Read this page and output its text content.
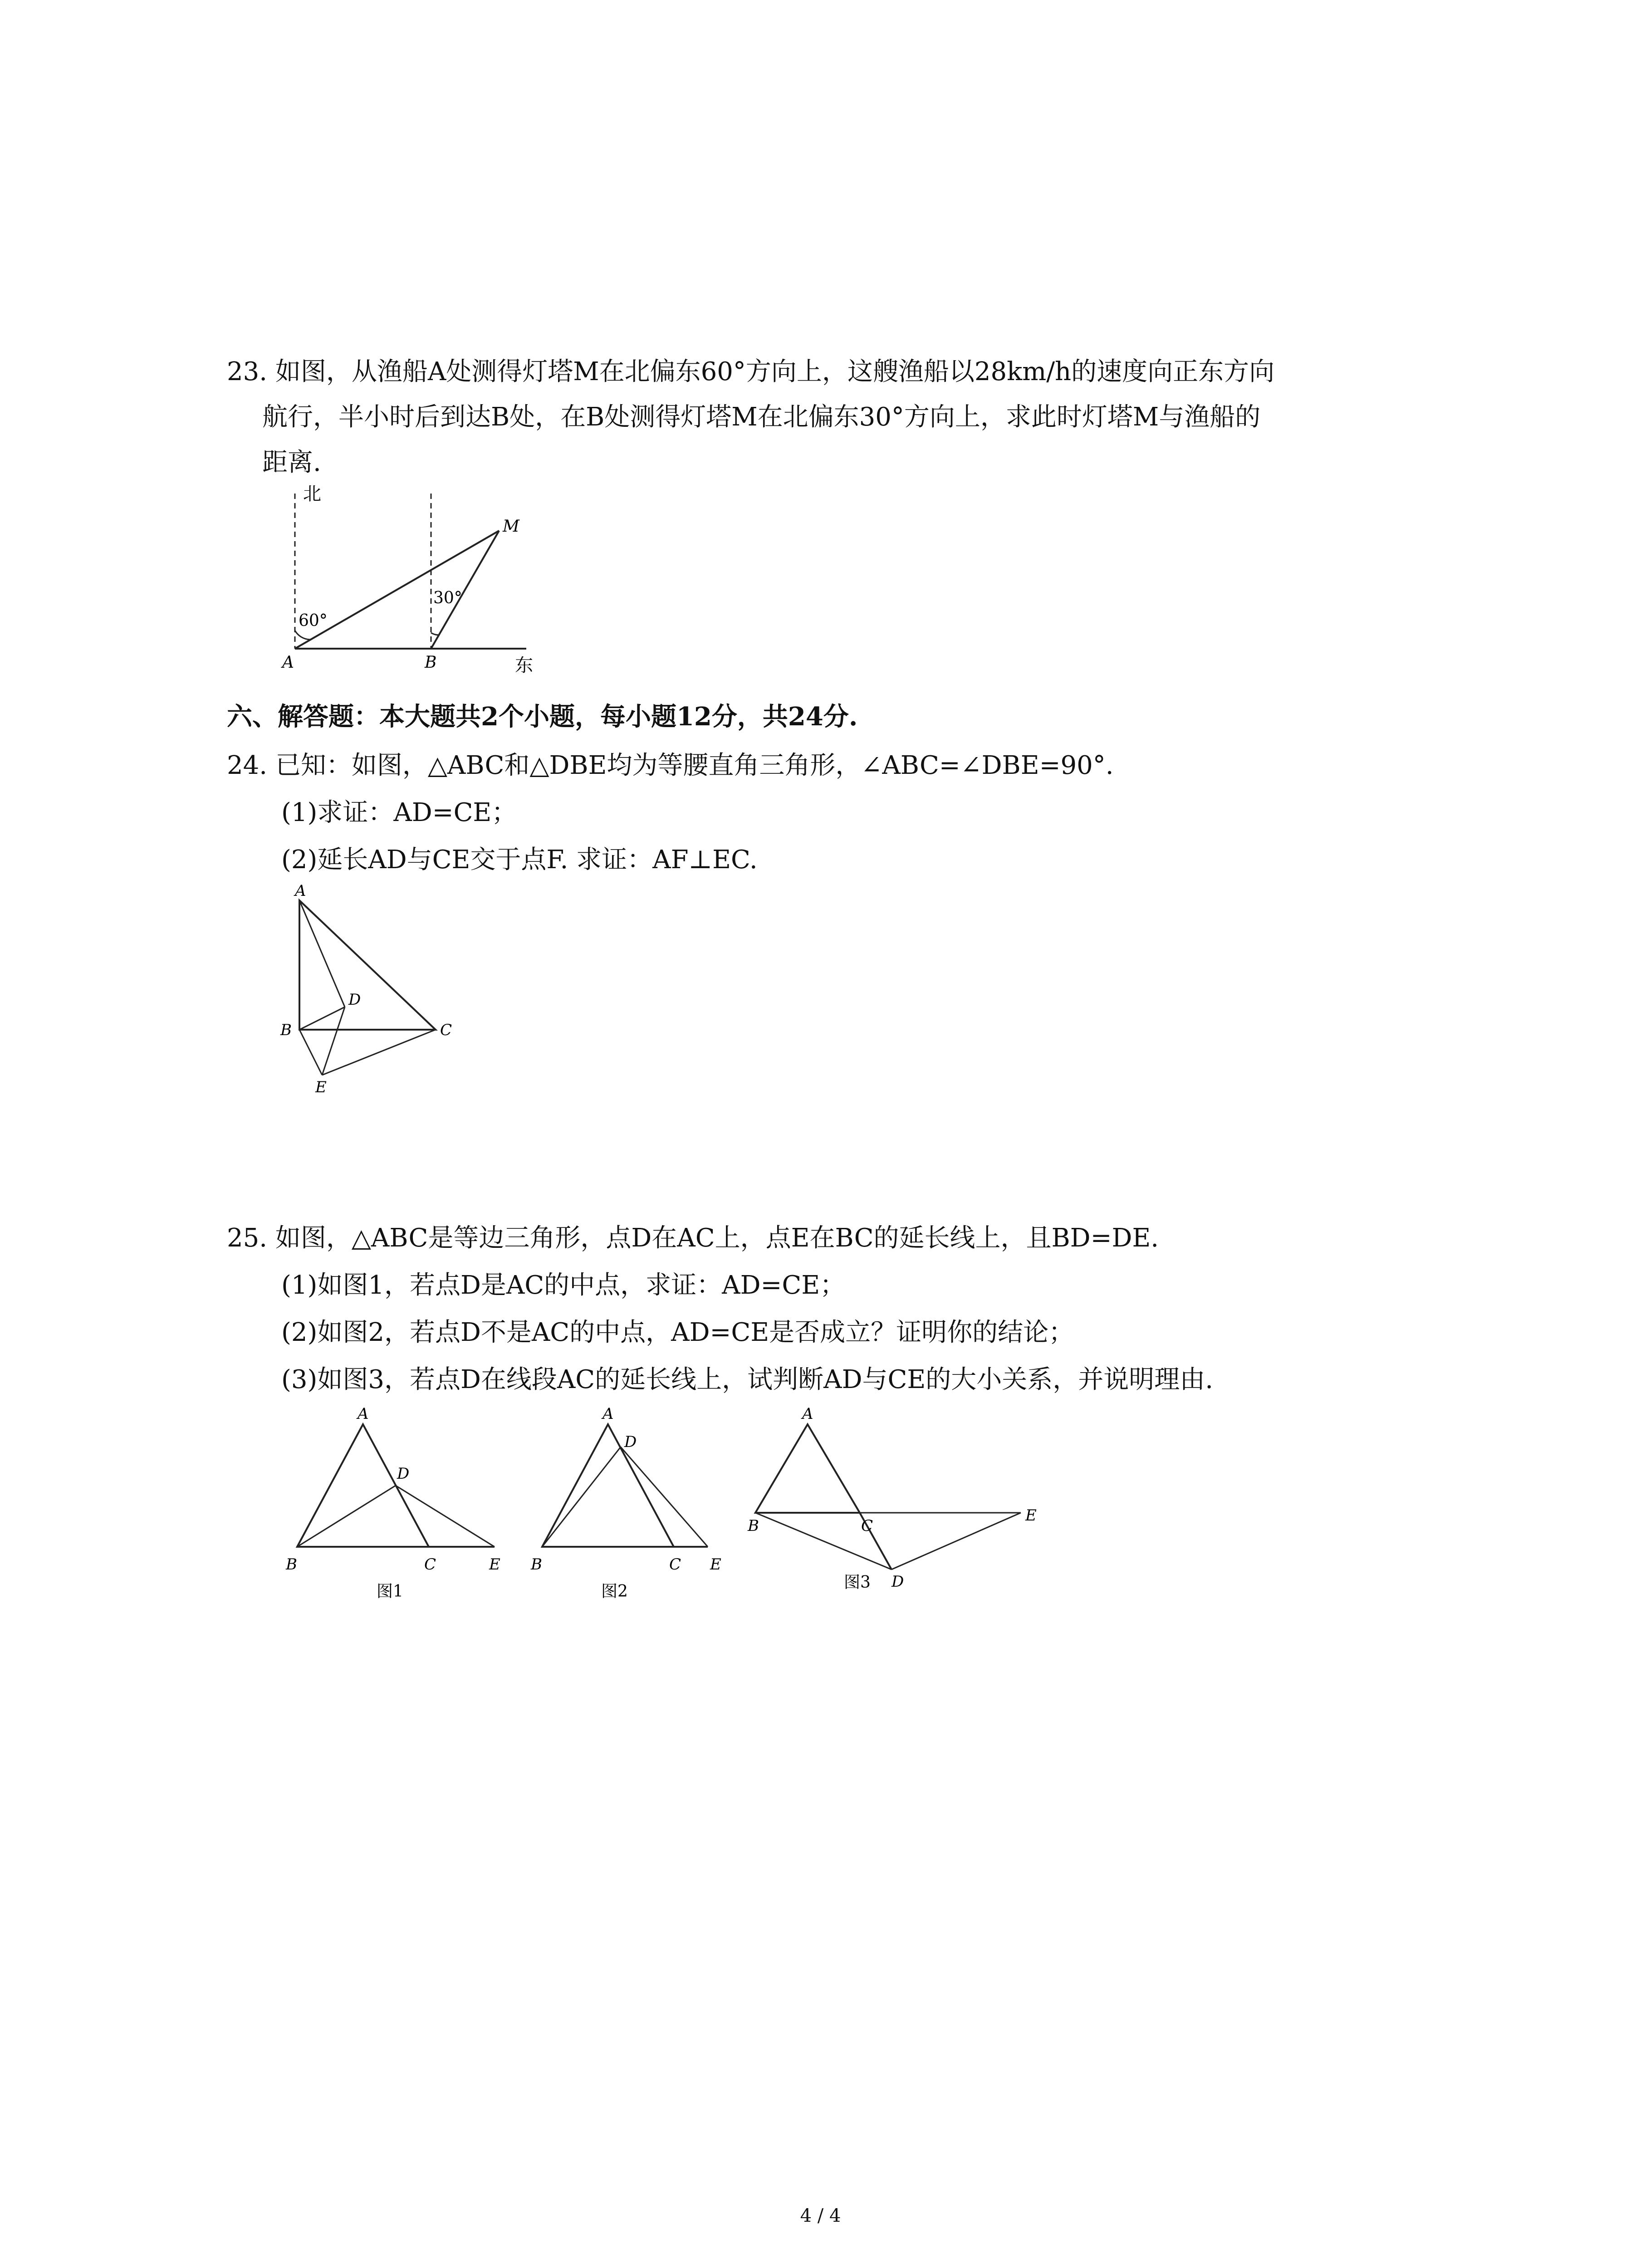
23. 如图，从渔船A处测得灯塔M在北偏东60°方向上，这艘渔船以28km/h的速度向正东方向
航行，半小时后到达B处，在B处测得灯塔M在北偏东30°方向上，求此时灯塔M与渔船的
距离.
北
60°
30°
M
A	B	东
六、解答题：本大题共2个小题，每小题12分，共24分.
24. 已知：如图，△ABC和△DBE均为等腰直角三角形，∠ABC=∠DBE=90°.
(1)求证：AD=CE；
(2)延长AD与CE交于点F. 求证：AF⊥EC.
A
B	C
D
E
25. 如图，△ABC是等边三角形，点D在AC上，点E在BC的延长线上，且BD=DE.
(1)如图1，若点D是AC的中点，求证：AD=CE；
(2)如图2，若点D不是AC的中点，AD=CE是否成立？证明你的结论；
(3)如图3，若点D在线段AC的延长线上，试判断AD与CE的大小关系，并说明理由.
A
D
B	C	E
图1
A
D
B	C E
图2
A
B	C
E
D
图3
4 / 4
